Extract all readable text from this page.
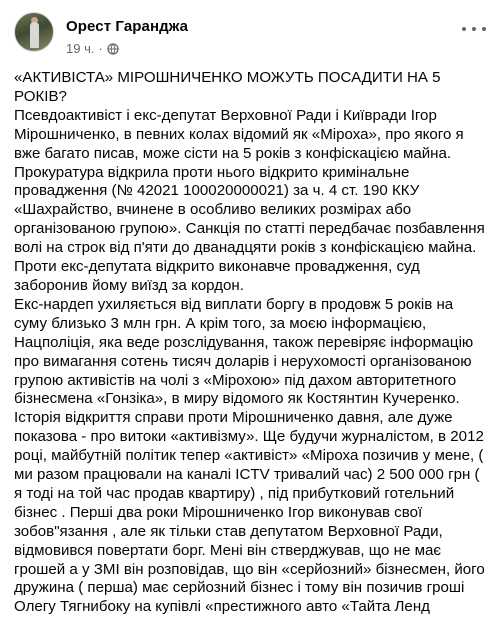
Орест Гаранджа
19 ч. ·

«АКТИВІСТА» МІРОШНИЧЕНКО МОЖУТЬ ПОСАДИТИ НА 5 РОКІВ?

Псевдоактивіст і екс-депутат Верховної Ради і Київради Ігор Мірошниченко, в певних колах відомий як «Мiроха», про якого я вже багато писав, може сісти на 5 років з конфіскацією майна.

Прокуратура відкрила проти нього відкрито кримінальне провадження (№ 42021 100020000021) за ч. 4 ст. 190 ККУ «Шахрайство, вчинене в особливо великих розмірах або організованою групою». Санкція по статті передбачає позбавлення волі на строк від п'яти до дванадцяти років з конфіскацією майна.

Проти екс-депутата відкрито виконавче провадження, суд заборонив йому виїзд за кордон.

Екс-нардеп ухиляється від виплати боргу в продовж 5 років на суму близько 3 млн грн. А крім того, за моєю інформацією, Нацполіція, яка веде розслідування, також перевіряє інформацію про вимагання сотень тисяч доларів і нерухомості організованою групою активістів на чолі з «Мiрохою» під дахом авторитетного бізнесмена «Гонзіка», в миру відомого як Костянтин Кучеренко.

Історія відкриття справи проти Мірошниченко давня, але дуже показова - про витоки «активізму». Ще будучи журналістом, в 2012 році, майбутній політик тепер «активіст» «Мiроха позичив у мене, ( ми разом працювали на каналі ICTV тривалий час) 2 500 000 грн ( я тоді на той час продав квартиру) , під прибутковий готельний бізнес . Перші два роки Мірошниченко Ігор виконував свої зобов"язання , але як тільки став депутатом Верховної Ради, відмовився повертати борг. Мені він стверджував, що не має грошей а у ЗМІ він розповідав, що він «серйозний» бізнесмен, його дружина ( перша) має серйозний бізнес і тому він позичив гроші Олегу Тягнибоку на купівлі «престижного авто «Тайта Ленд
